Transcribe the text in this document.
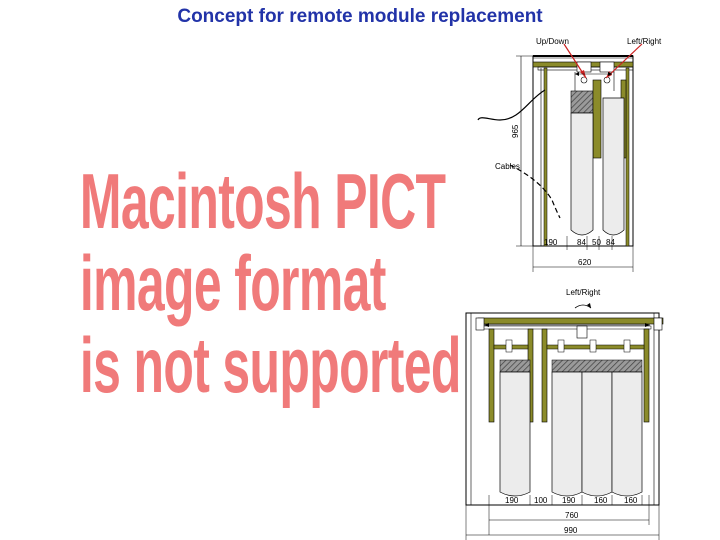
Concept for remote module replacement
Macintosh PICT
image format
is not supported
Up/Down	Left/Right
Cables
965
190 84 50 84
620
Left/Right
190 100 190 160 160
760
990
